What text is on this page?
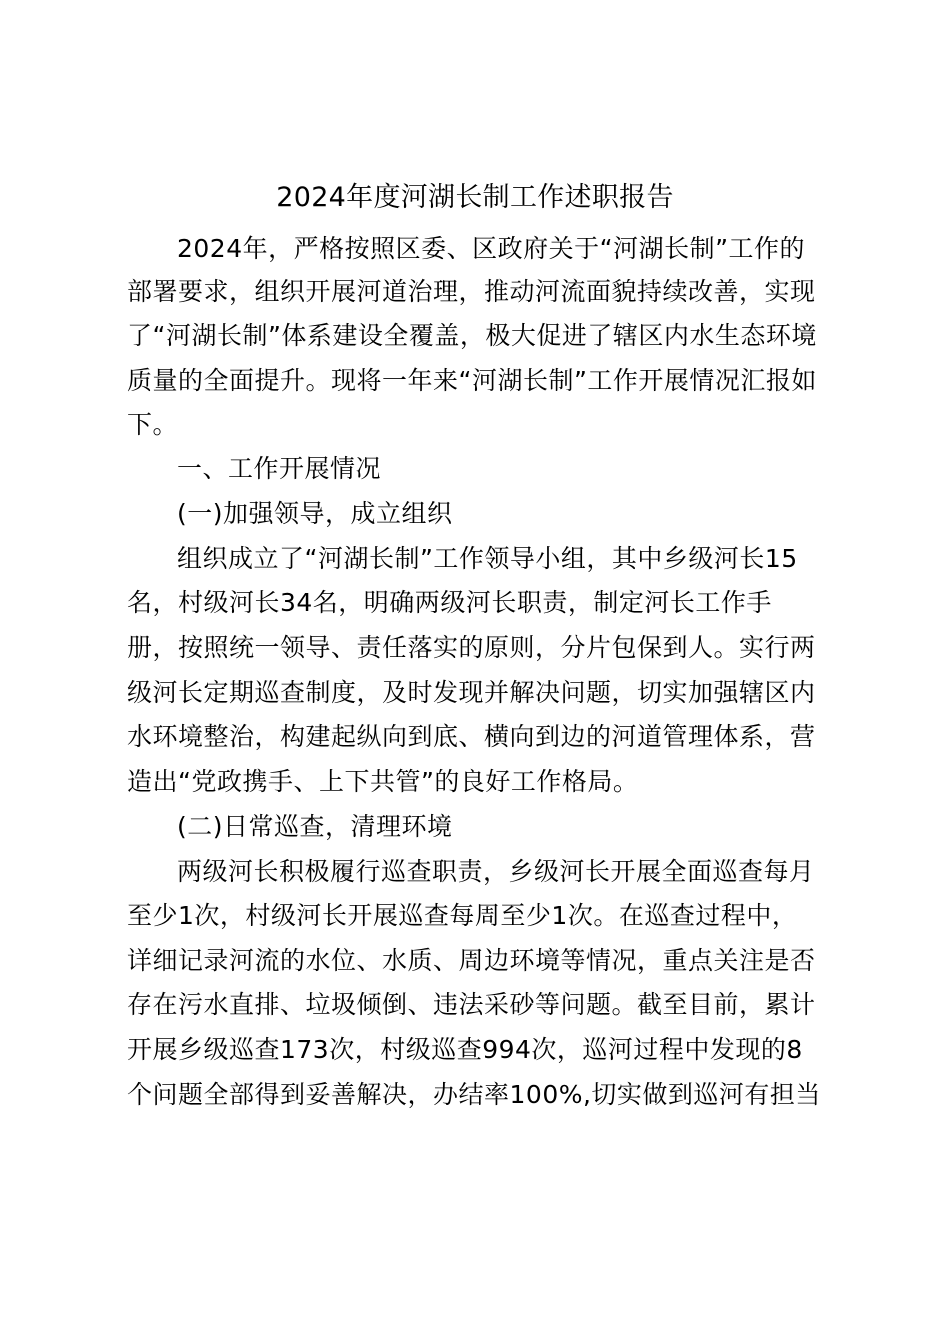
2024年度河湖长制工作述职报告
2024年，严格按照区委、区政府关于“河湖长制”工作的
部署要求，组织开展河道治理，推动河流面貌持续改善，实现
了“河湖长制”体系建设全覆盖，极大促进了辖区内水生态环境
质量的全面提升。现将一年来“河湖长制”工作开展情况汇报如
下。
一、工作开展情况
(一)加强领导，成立组织
组织成立了“河湖长制”工作领导小组，其中乡级河长15
名，村级河长34名，明确两级河长职责，制定河长工作手
册，按照统一领导、责任落实的原则，分片包保到人。实行两
级河长定期巡查制度，及时发现并解决问题，切实加强辖区内
水环境整治，构建起纵向到底、横向到边的河道管理体系，营
造出“党政携手、上下共管”的良好工作格局。
(二)日常巡查，清理环境
两级河长积极履行巡查职责，乡级河长开展全面巡查每月
至少1次，村级河长开展巡查每周至少1次。在巡查过程中，
详细记录河流的水位、水质、周边环境等情况，重点关注是否
存在污水直排、垃圾倾倒、违法采砂等问题。截至目前，累计
开展乡级巡查173次，村级巡查994次，巡河过程中发现的8
个问题全部得到妥善解决，办结率100%,切实做到巡河有担当
